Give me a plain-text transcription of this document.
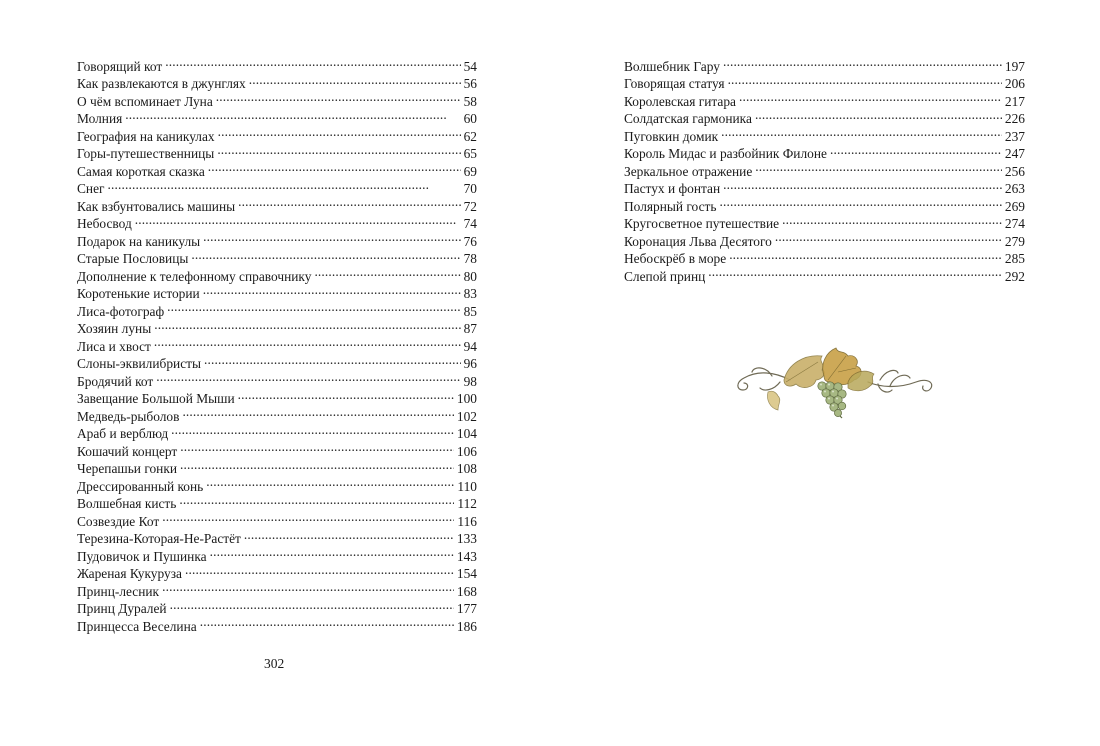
Говорящий кот . . .	54
Как развлекаются в джунглях . . .	56
О чём вспоминает Луна . . .	58
Молния . . .	60
География на каникулах . . .	62
Горы-путешественницы . . .	65
Самая короткая сказка . . .	69
Снег . . .	70
Как взбунтовались машины . . .	72
Небосвод . . .	74
Подарок на каникулы . . .	76
Старые Пословицы . . .	78
Дополнение к телефонному справочнику . . .	80
Коротенькие истории . . .	83
Лиса-фотограф . . .	85
Хозяин луны . . .	87
Лиса и хвост . . .	94
Слоны-эквилибристы . . .	96
Бродячий кот . . .	98
Завещание Большой Мыши . . .	100
Медведь-рыболов . . .	102
Араб и верблюд . . .	104
Кошачий концерт . . .	106
Черепашьи гонки . . .	108
Дрессированный конь . . .	110
Волшебная кисть . . .	112
Созвездие Кот . . .	116
Терезина-Которая-Не-Растёт . . .	133
Пудовичок и Пушинка . . .	143
Жареная Кукуруза . . .	154
Принц-лесник . . .	168
Принц Дуралей . . .	177
Принцесса Веселина . . .	186
302
Волшебник Гару . . .	197
Говорящая статуя . . .	206
Королевская гитара . . .	217
Солдатская гармоника . . .	226
Пуговкин домик . . .	237
Король Мидас и разбойник Филоне . . .	247
Зеркальное отражение . . .	256
Пастух и фонтан . . .	263
Полярный гость . . .	269
Кругосветное путешествие . . .	274
Коронация Льва Десятого . . .	279
Небоскрёб в море . . .	285
Слепой принц . . .	292
